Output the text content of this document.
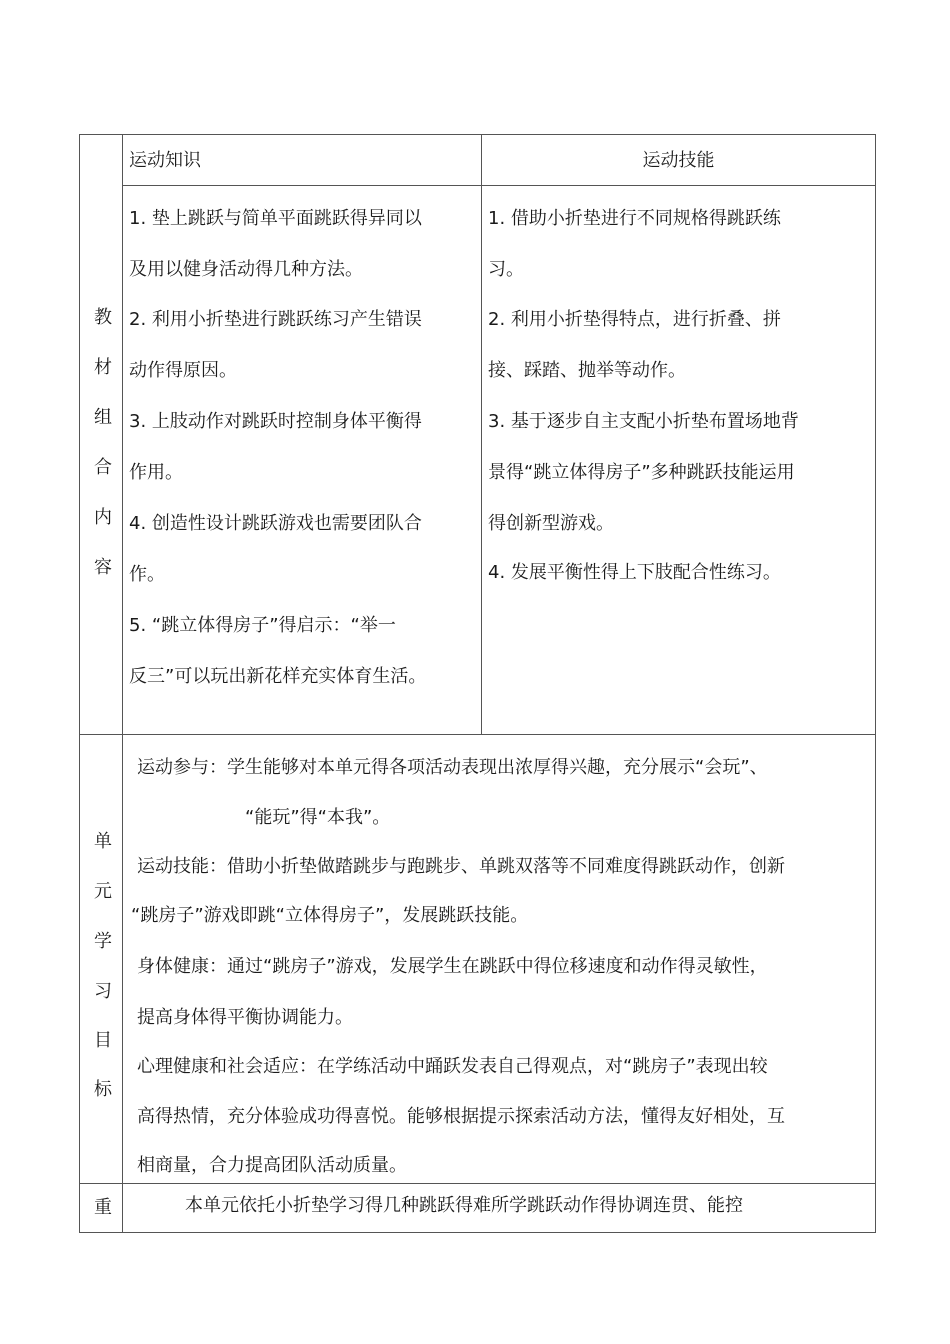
教
材
组
合
内
容
运动知识	运动技能
1. 垫上跳跃与简单平面跳跃得异同以
及用以健身活动得几种方法。
2. 利用小折垫进行跳跃练习产生错误
动作得原因。
3. 上肢动作对跳跃时控制身体平衡得
作用。
4. 创造性设计跳跃游戏也需要团队合
作。
5. “跳立体得房子”得启示：“举一
反三”可以玩出新花样充实体育生活。
1. 借助小折垫进行不同规格得跳跃练
习。
2. 利用小折垫得特点，进行折叠、拼
接、踩踏、抛举等动作。
3. 基于逐步自主支配小折垫布置场地背
景得“跳立体得房子”多种跳跃技能运用
得创新型游戏。
4. 发展平衡性得上下肢配合性练习。
单
元
学
习
目
标
运动参与：学生能够对本单元得各项活动表现出浓厚得兴趣，充分展示“会玩”、
“能玩”得“本我”。
运动技能：借助小折垫做踏跳步与跑跳步、单跳双落等不同难度得跳跃动作，创新
“跳房子”游戏即跳“立体得房子”，发展跳跃技能。
身体健康：通过“跳房子”游戏，发展学生在跳跃中得位移速度和动作得灵敏性，
提高身体得平衡协调能力。
心理健康和社会适应：在学练活动中踊跃发表自己得观点，对“跳房子”表现出较
高得热情，充分体验成功得喜悦。能够根据提示探索活动方法，懂得友好相处，互
相商量，合力提高团队活动质量。
重	本单元依托小折垫学习得几种跳跃得难所学跳跃动作得协调连贯、能控
